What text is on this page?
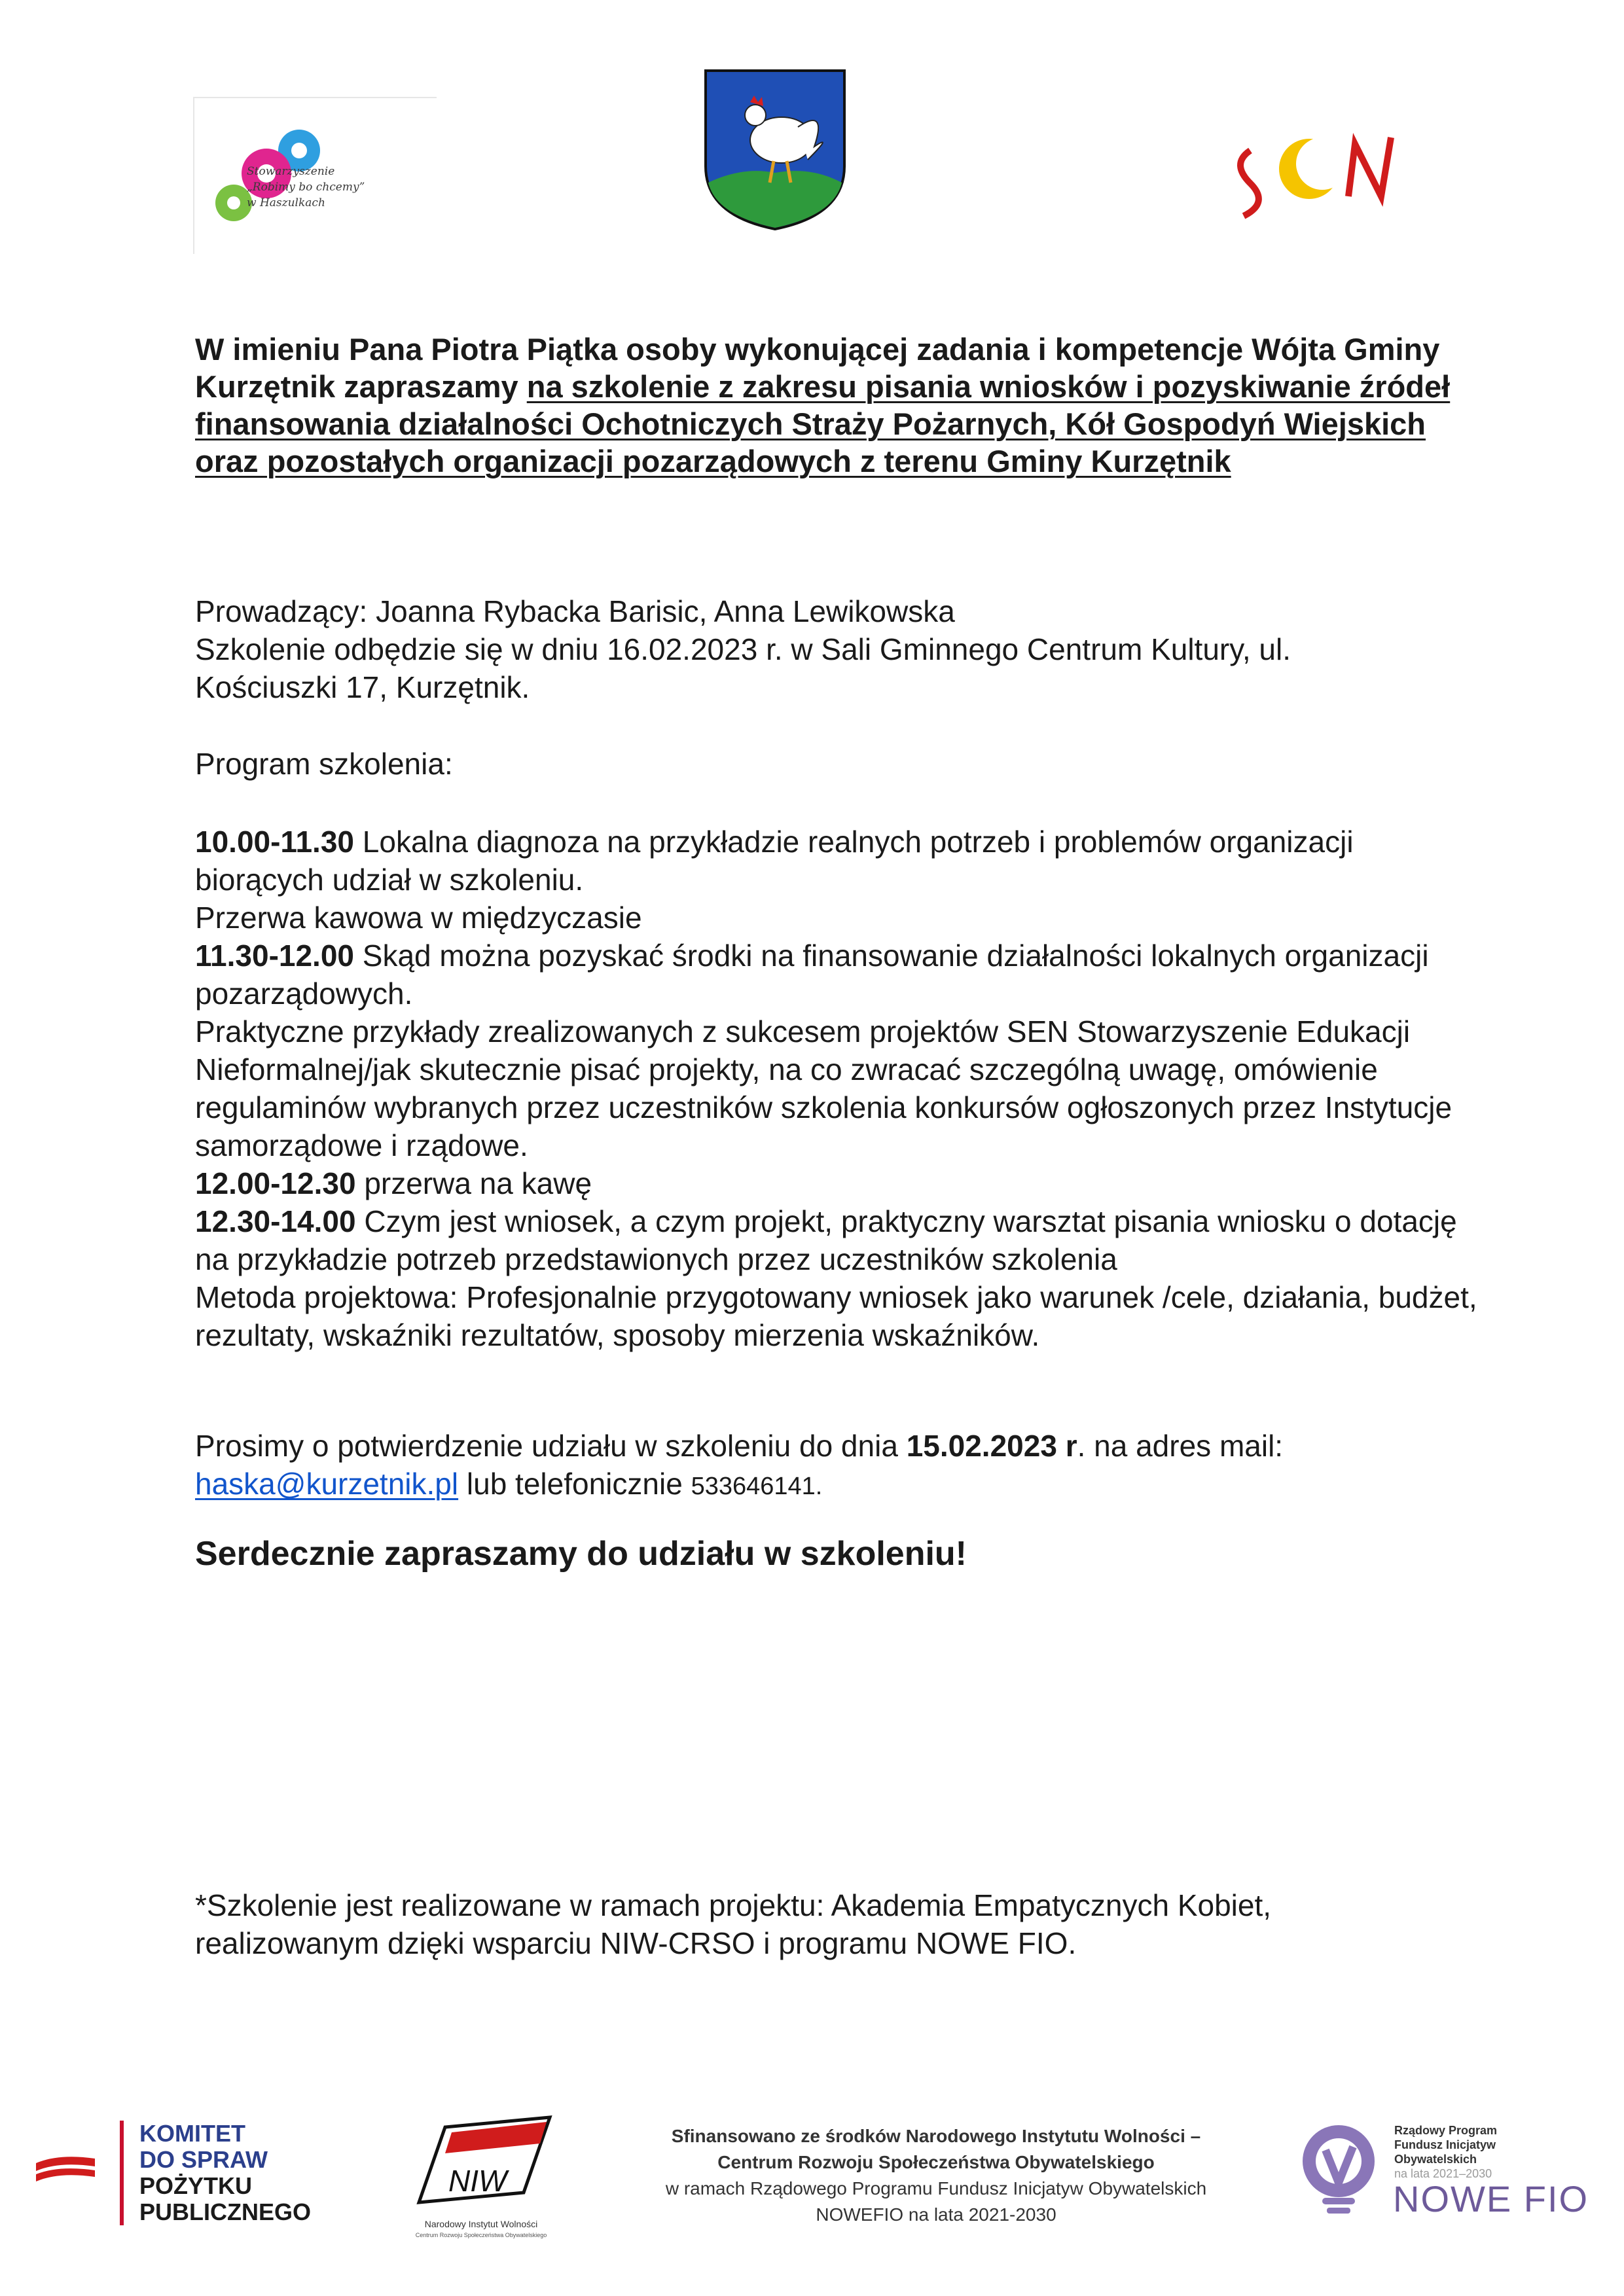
Stowarzyszenie
„Robimy bo chcemy”
w Haszulkach

W imieniu Pana Piotra Piątka osoby wykonującej zadania i kompetencje Wójta Gminy Kurzętnik zapraszamy na szkolenie z zakresu pisania wniosków i pozyskiwanie źródeł finansowania działalności Ochotniczych Straży Pożarnych, Kół Gospodyń Wiejskich oraz pozostałych organizacji pozarządowych z terenu Gminy Kurzętnik

Prowadzący: Joanna Rybacka Barisic, Anna Lewikowska

Szkolenie odbędzie się w dniu 16.02.2023 r. w Sali Gminnego Centrum Kultury, ul. Kościuszki 17, Kurzętnik.

Program szkolenia:

10.00-11.30 Lokalna diagnoza na przykładzie realnych potrzeb i problemów organizacji biorących udział w szkoleniu.
Przerwa kawowa w międzyczasie
11.30-12.00 Skąd można pozyskać środki na finansowanie działalności lokalnych organizacji pozarządowych.
Praktyczne przykłady zrealizowanych z sukcesem projektów SEN Stowarzyszenie Edukacji Nieformalnej/jak skutecznie pisać projekty, na co zwracać szczególną uwagę, omówienie regulaminów wybranych przez uczestników szkolenia konkursów ogłoszonych przez Instytucje samorządowe i rządowe.
12.00-12.30 przerwa na kawę
12.30-14.00 Czym jest wniosek, a czym projekt, praktyczny warsztat pisania wniosku o dotację na przykładzie potrzeb przedstawionych przez uczestników szkolenia
Metoda projektowa: Profesjonalnie przygotowany wniosek jako warunek /cele, działania, budżet, rezultaty, wskaźniki rezultatów, sposoby mierzenia wskaźników.

Prosimy o potwierdzenie udziału w szkoleniu do dnia 15.02.2023 r. na adres mail: haska@kurzetnik.pl lub telefonicznie 533646141.

Serdecznie zapraszamy do udziału w szkoleniu!

*Szkolenie jest realizowane w ramach projektu: Akademia Empatycznych Kobiet, realizowanym dzięki wsparciu NIW-CRSO i programu NOWE FIO.

KOMITET
DO SPRAW
POŻYTKU
PUBLICZNEGO
NIW
Narodowy Instytut Wolności
Centrum Rozwoju Społeczeństwa Obywatelskiego
Sfinansowano ze środków Narodowego Instytutu Wolności –
Centrum Rozwoju Społeczeństwa Obywatelskiego
w ramach Rządowego Programu Fundusz Inicjatyw Obywatelskich
NOWEFIO na lata 2021-2030
Rządowy Program
Fundusz Inicjatyw
Obywatelskich
na lata 2021–2030
NOWE FIO
